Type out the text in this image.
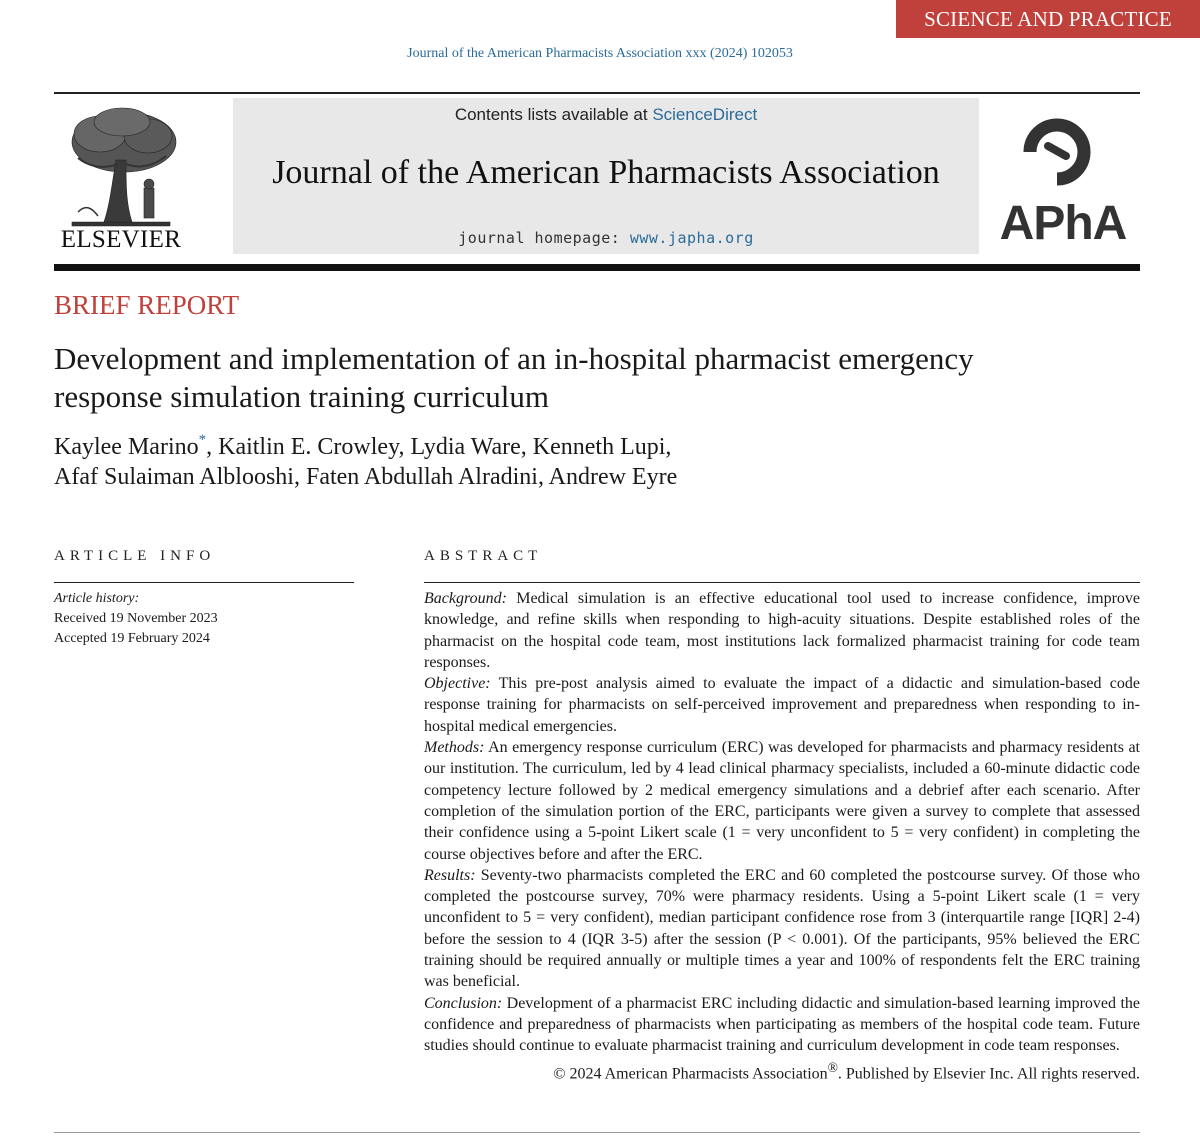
SCIENCE AND PRACTICE
Journal of the American Pharmacists Association xxx (2024) 102053
ELSEVIER
Contents lists available at ScienceDirect
Journal of the American Pharmacists Association
journal homepage: www.japha.org	APhA
BRIEF REPORT
Development and implementation of an in-hospital pharmacist emergency response simulation training curriculum
Kaylee Marino*, Kaitlin E. Crowley, Lydia Ware, Kenneth Lupi,
Afaf Sulaiman Alblooshi, Faten Abdullah Alradini, Andrew Eyre
ARTICLE INFO
Article history:
Received 19 November 2023
Accepted 19 February 2024
ABSTRACT

Background: Medical simulation is an effective educational tool used to increase confidence, improve knowledge, and refine skills when responding to high-acuity situations. Despite established roles of the pharmacist on the hospital code team, most institutions lack formalized pharmacist training for code team responses.

Objective: This pre-post analysis aimed to evaluate the impact of a didactic and simulation-based code response training for pharmacists on self-perceived improvement and preparedness when responding to in-hospital medical emergencies.

Methods: An emergency response curriculum (ERC) was developed for pharmacists and pharmacy residents at our institution. The curriculum, led by 4 lead clinical pharmacy specialists, included a 60-minute didactic code competency lecture followed by 2 medical emergency simulations and a debrief after each scenario. After completion of the simulation portion of the ERC, participants were given a survey to complete that assessed their confidence using a 5-point Likert scale (1 = very unconfident to 5 = very confident) in completing the course objectives before and after the ERC.

Results: Seventy-two pharmacists completed the ERC and 60 completed the postcourse survey. Of those who completed the postcourse survey, 70% were pharmacy residents. Using a 5-point Likert scale (1 = very unconfident to 5 = very confident), median participant confidence rose from 3 (interquartile range [IQR] 2-4) before the session to 4 (IQR 3-5) after the session (P < 0.001). Of the participants, 95% believed the ERC training should be required annually or multiple times a year and 100% of respondents felt the ERC training was beneficial.

Conclusion: Development of a pharmacist ERC including didactic and simulation-based learning improved the confidence and preparedness of pharmacists when participating as members of the hospital code team. Future studies should continue to evaluate pharmacist training and curriculum development in code team responses.

© 2024 American Pharmacists Association®. Published by Elsevier Inc. All rights reserved.
